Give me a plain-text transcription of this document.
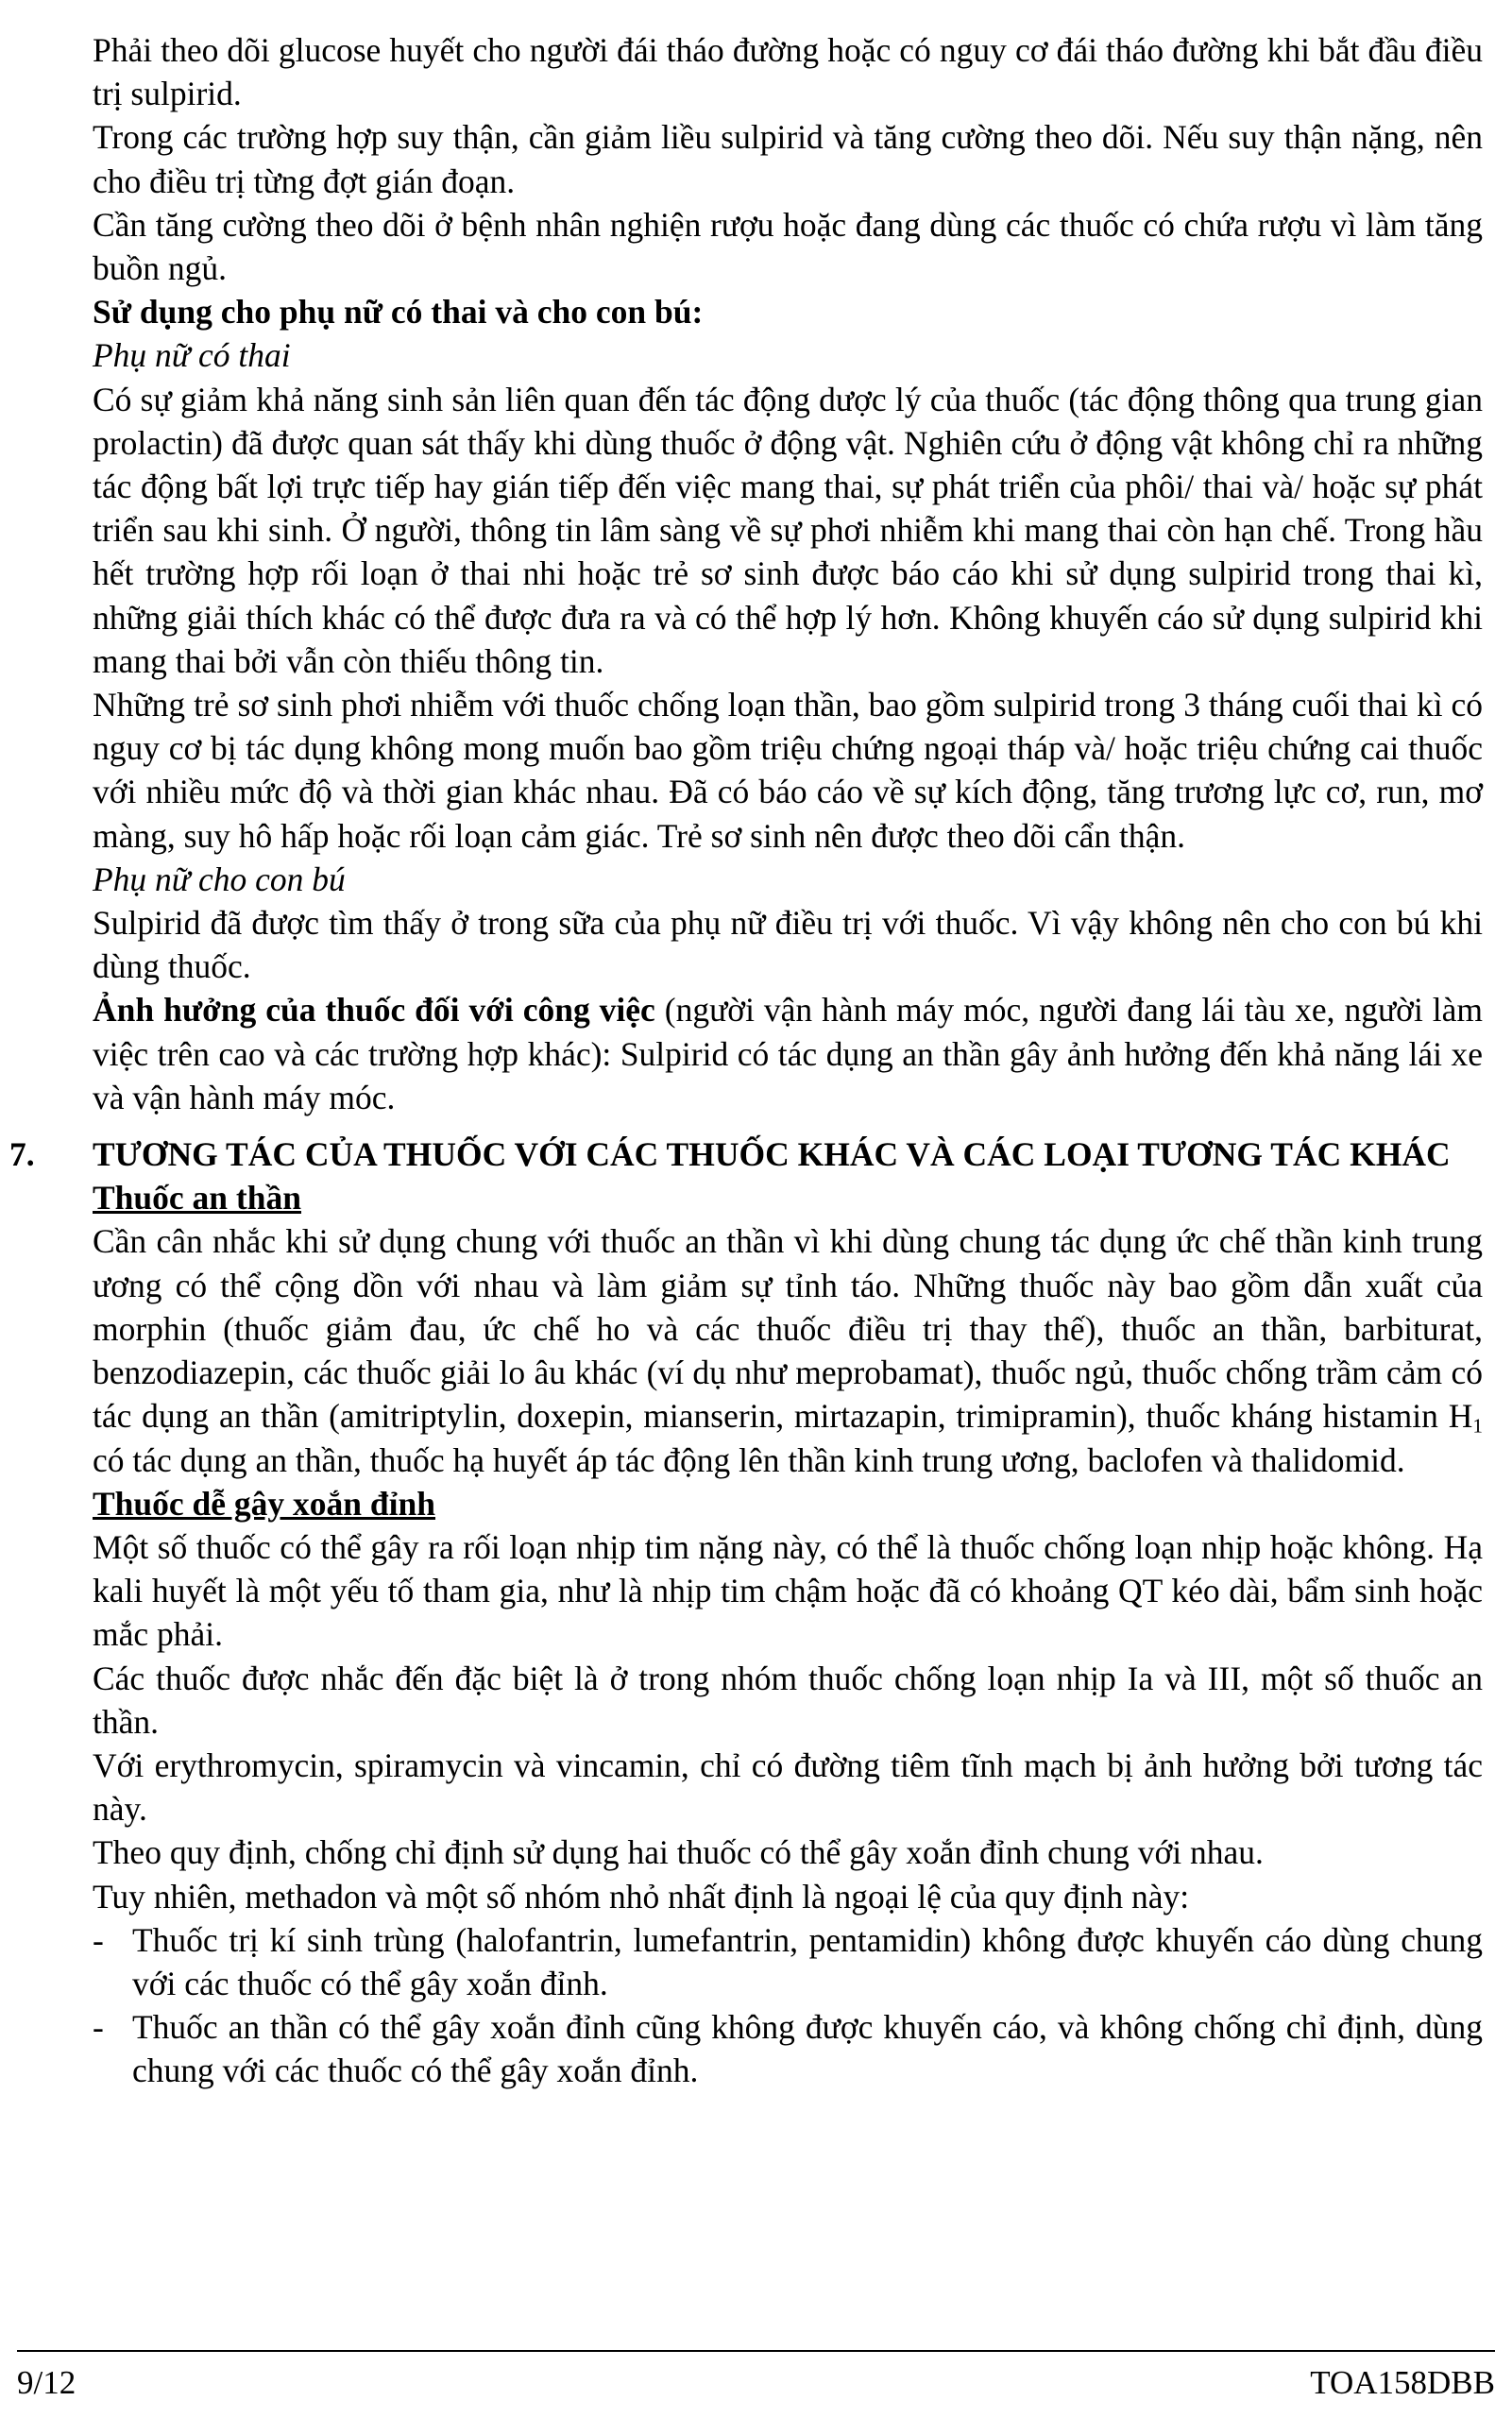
Phải theo dõi glucose huyết cho người đái tháo đường hoặc có nguy cơ đái tháo đường khi bắt đầu điều trị sulpirid.

Trong các trường hợp suy thận, cần giảm liều sulpirid và tăng cường theo dõi. Nếu suy thận nặng, nên cho điều trị từng đợt gián đoạn.

Cần tăng cường theo dõi ở bệnh nhân nghiện rượu hoặc đang dùng các thuốc có chứa rượu vì làm tăng buồn ngủ.

Sử dụng cho phụ nữ có thai và cho con bú:

Phụ nữ có thai

Có sự giảm khả năng sinh sản liên quan đến tác động dược lý của thuốc (tác động thông qua trung gian prolactin) đã được quan sát thấy khi dùng thuốc ở động vật. Nghiên cứu ở động vật không chỉ ra những tác động bất lợi trực tiếp hay gián tiếp đến việc mang thai, sự phát triển của phôi/ thai và/ hoặc sự phát triển sau khi sinh. Ở người, thông tin lâm sàng về sự phơi nhiễm khi mang thai còn hạn chế. Trong hầu hết trường hợp rối loạn ở thai nhi hoặc trẻ sơ sinh được báo cáo khi sử dụng sulpirid trong thai kì, những giải thích khác có thể được đưa ra và có thể hợp lý hơn. Không khuyến cáo sử dụng sulpirid khi mang thai bởi vẫn còn thiếu thông tin.

Những trẻ sơ sinh phơi nhiễm với thuốc chống loạn thần, bao gồm sulpirid trong 3 tháng cuối thai kì có nguy cơ bị tác dụng không mong muốn bao gồm triệu chứng ngoại tháp và/ hoặc triệu chứng cai thuốc với nhiều mức độ và thời gian khác nhau. Đã có báo cáo về sự kích động, tăng trương lực cơ, run, mơ màng, suy hô hấp hoặc rối loạn cảm giác. Trẻ sơ sinh nên được theo dõi cẩn thận.

Phụ nữ cho con bú

Sulpirid đã được tìm thấy ở trong sữa của phụ nữ điều trị với thuốc. Vì vậy không nên cho con bú khi dùng thuốc.

Ảnh hưởng của thuốc đối với công việc (người vận hành máy móc, người đang lái tàu xe, người làm việc trên cao và các trường hợp khác): Sulpirid có tác dụng an thần gây ảnh hưởng đến khả năng lái xe và vận hành máy móc.

7. TƯƠNG TÁC CỦA THUỐC VỚI CÁC THUỐC KHÁC VÀ CÁC LOẠI TƯƠNG TÁC KHÁC

Thuốc an thần

Cần cân nhắc khi sử dụng chung với thuốc an thần vì khi dùng chung tác dụng ức chế thần kinh trung ương có thể cộng dồn với nhau và làm giảm sự tỉnh táo. Những thuốc này bao gồm dẫn xuất của morphin (thuốc giảm đau, ức chế ho và các thuốc điều trị thay thế), thuốc an thần, barbiturat, benzodiazepin, các thuốc giải lo âu khác (ví dụ như meprobamat), thuốc ngủ, thuốc chống trầm cảm có tác dụng an thần (amitriptylin, doxepin, mianserin, mirtazapin, trimipramin), thuốc kháng histamin $H_1$ có tác dụng an thần, thuốc hạ huyết áp tác động lên thần kinh trung ương, baclofen và thalidomid.

Thuốc dễ gây xoắn đỉnh

Một số thuốc có thể gây ra rối loạn nhịp tim nặng này, có thể là thuốc chống loạn nhịp hoặc không. Hạ kali huyết là một yếu tố tham gia, như là nhịp tim chậm hoặc đã có khoảng QT kéo dài, bẩm sinh hoặc mắc phải.

Các thuốc được nhắc đến đặc biệt là ở trong nhóm thuốc chống loạn nhịp Ia và III, một số thuốc an thần.

Với erythromycin, spiramycin và vincamin, chỉ có đường tiêm tĩnh mạch bị ảnh hưởng bởi tương tác này.

Theo quy định, chống chỉ định sử dụng hai thuốc có thể gây xoắn đỉnh chung với nhau.

Tuy nhiên, methadon và một số nhóm nhỏ nhất định là ngoại lệ của quy định này:

- Thuốc trị kí sinh trùng (halofantrin, lumefantrin, pentamidin) không được khuyến cáo dùng chung với các thuốc có thể gây xoắn đỉnh.
- Thuốc an thần có thể gây xoắn đỉnh cũng không được khuyến cáo, và không chống chỉ định, dùng chung với các thuốc có thể gây xoắn đỉnh.
9/12	TOA158DBB
